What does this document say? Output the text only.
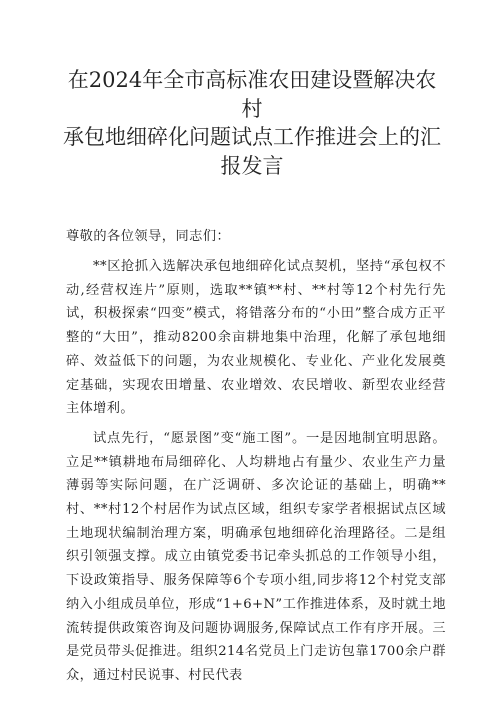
在2024年全市高标准农田建设暨解决农村
承包地细碎化问题试点工作推进会上的汇
报发言

尊敬的各位领导，同志们：

**区抢抓入选解决承包地细碎化试点契机，坚持“承包权不动,经营权连片”原则，选取**镇**村、**村等12个村先行先试，积极探索“四变”模式，将错落分布的“小田”整合成方正平整的“大田”，推动8200余亩耕地集中治理，化解了承包地细碎、效益低下的问题，为农业规模化、专业化、产业化发展奠定基础，实现农田增量、农业增效、农民增收、新型农业经营主体增利。

试点先行，“愿景图”变“施工图”。一是因地制宜明思路。立足**镇耕地布局细碎化、人均耕地占有量少、农业生产力量薄弱等实际问题，在广泛调研、多次论证的基础上，明确**村、**村12个村居作为试点区域，组织专家学者根据试点区域土地现状编制治理方案，明确承包地细碎化治理路径。二是组织引领强支撑。成立由镇党委书记牵头抓总的工作领导小组，下设政策指导、服务保障等6个专项小组,同步将12个村党支部纳入小组成员单位，形成“1+6+N”工作推进体系，及时就土地流转提供政策咨询及问题协调服务,保障试点工作有序开展。三是党员带头促推进。组织214名党员上门走访包靠1700余户群众，通过村民说事、村民代表
